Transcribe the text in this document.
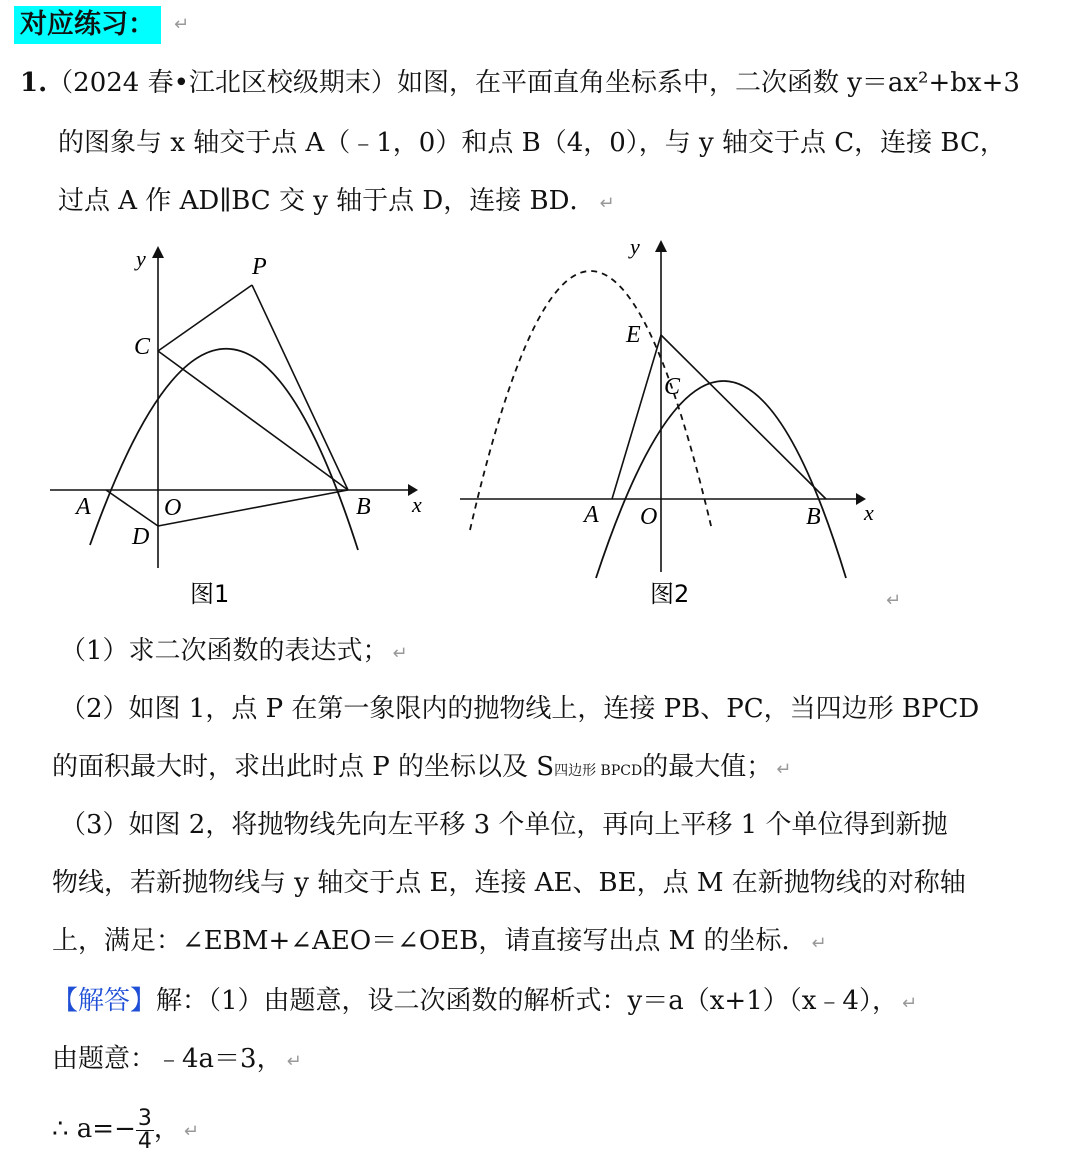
对应练习：	↵
1.（2024 春•江北区校级期末）如图，在平面直角坐标系中，二次函数 y＝ax²+bx+3
的图象与 x 轴交于点 A（﹣1，0）和点 B（4，0），与 y 轴交于点 C，连接 BC，
过点 A 作 AD∥BC 交 y 轴于点 D，连接 BD． ↵
y
x
P
C
A	O	B
D
图1
y
x
E
C
A O	B
图2	↵
（1）求二次函数的表达式； ↵
（2）如图 1，点 P 在第一象限内的抛物线上，连接 PB、PC，当四边形 BPCD
的面积最大时，求出此时点 P 的坐标以及 S四边形 BPCD的最大值； ↵
（3）如图 2，将抛物线先向左平移 3 个单位，再向上平移 1 个单位得到新抛
物线，若新抛物线与 y 轴交于点 E，连接 AE、BE，点 M 在新抛物线的对称轴
上，满足：∠EBM+∠AEO＝∠OEB，请直接写出点 M 的坐标． ↵
【解答】解：（1）由题意，设二次函数的解析式：y＝a（x+1）（x﹣4）， ↵
由题意：﹣4a＝3， ↵
∴ $a=- \frac{3}{4}$ ， ↵
